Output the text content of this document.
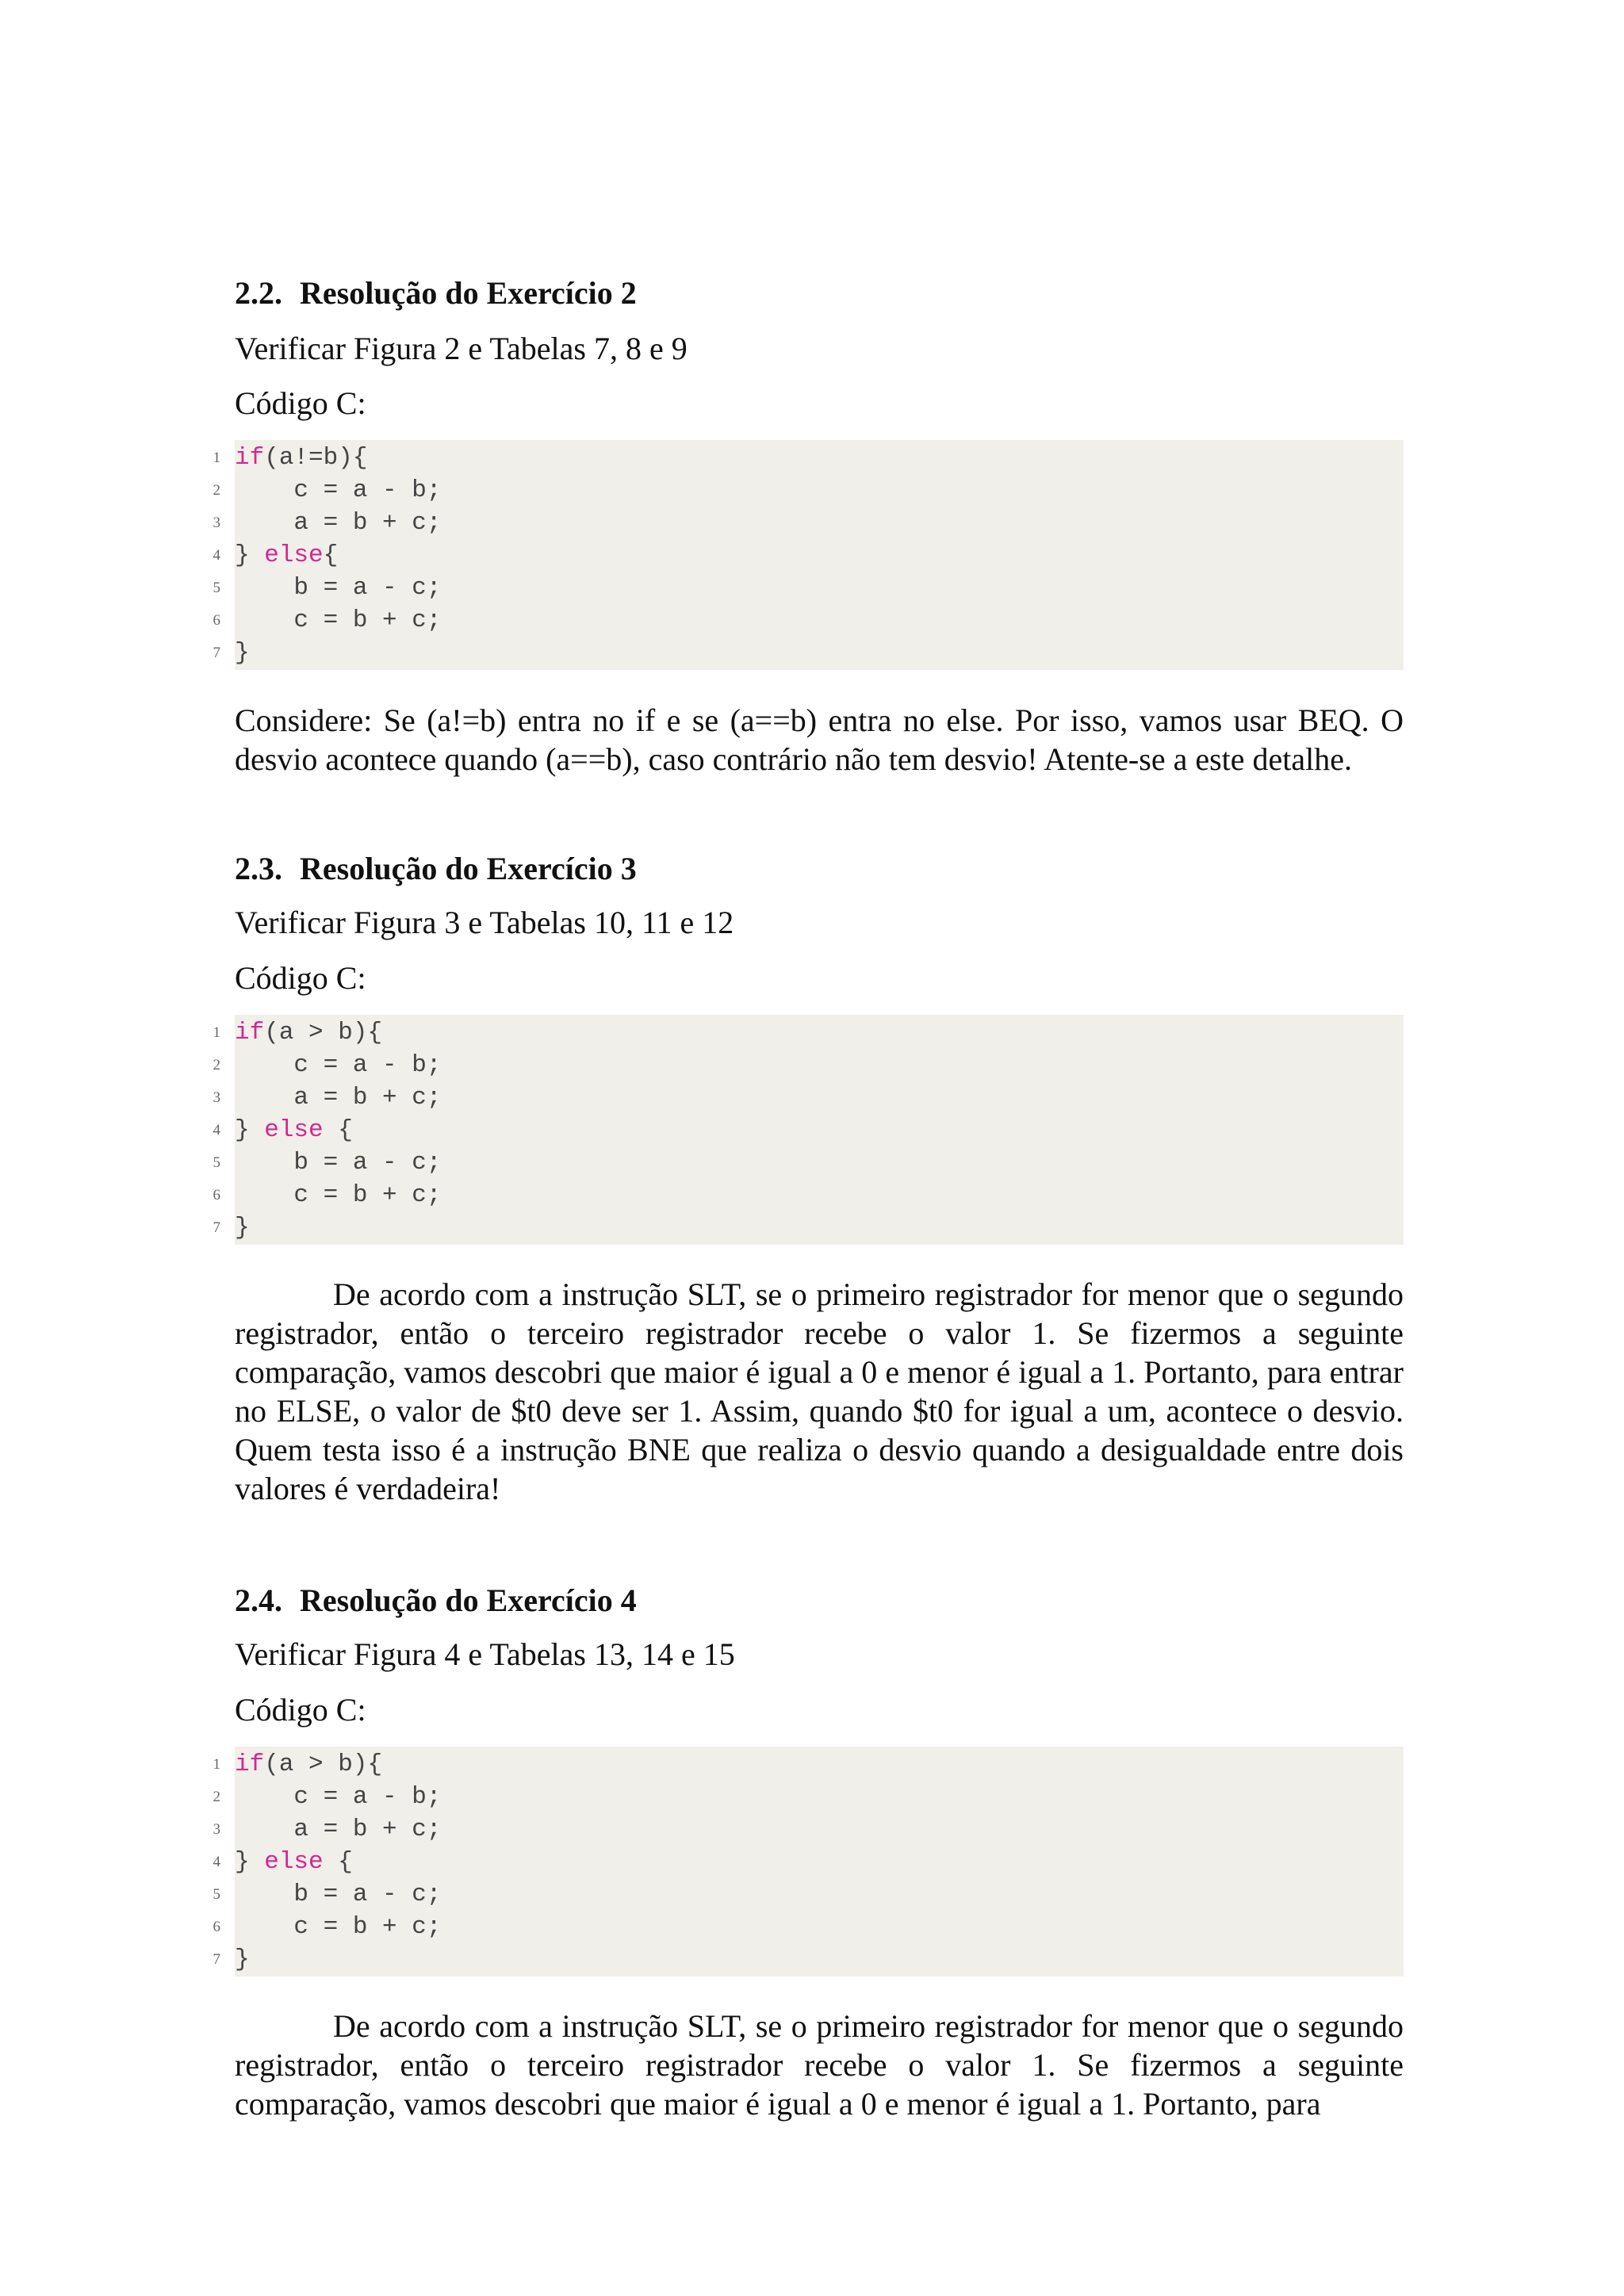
2.2. Resolução do Exercício 2
Verificar Figura 2 e Tabelas 7, 8 e 9
Código C:
1 if(a!=b){
2 c = a - b;
3 a = b + c;
4 } else{
5 b = a - c;
6 c = b + c;
7 }
Considere: Se (a!=b) entra no if e se (a==b) entra no else. Por isso, vamos usar BEQ. O desvio acontece quando (a==b), caso contrário não tem desvio! Atente-se a este detalhe.
2.3. Resolução do Exercício 3
Verificar Figura 3 e Tabelas 10, 11 e 12
Código C:
1 if(a > b){
2 c = a - b;
3 a = b + c;
4 } else {
5 b = a - c;
6 c = b + c;
7 }
De acordo com a instrução SLT, se o primeiro registrador for menor que o segundo registrador, então o terceiro registrador recebe o valor 1. Se fizermos a seguinte comparação, vamos descobri que maior é igual a 0 e menor é igual a 1. Portanto, para entrar no ELSE, o valor de $t0 deve ser 1. Assim, quando $t0 for igual a um, acontece o desvio. Quem testa isso é a instrução BNE que realiza o desvio quando a desigualdade entre dois valores é verdadeira!
2.4. Resolução do Exercício 4
Verificar Figura 4 e Tabelas 13, 14 e 15
Código C:
1 if(a > b){
2 c = a - b;
3 a = b + c;
4 } else {
5 b = a - c;
6 c = b + c;
7 }
De acordo com a instrução SLT, se o primeiro registrador for menor que o segundo registrador, então o terceiro registrador recebe o valor 1. Se fizermos a seguinte comparação, vamos descobri que maior é igual a 0 e menor é igual a 1. Portanto, para
